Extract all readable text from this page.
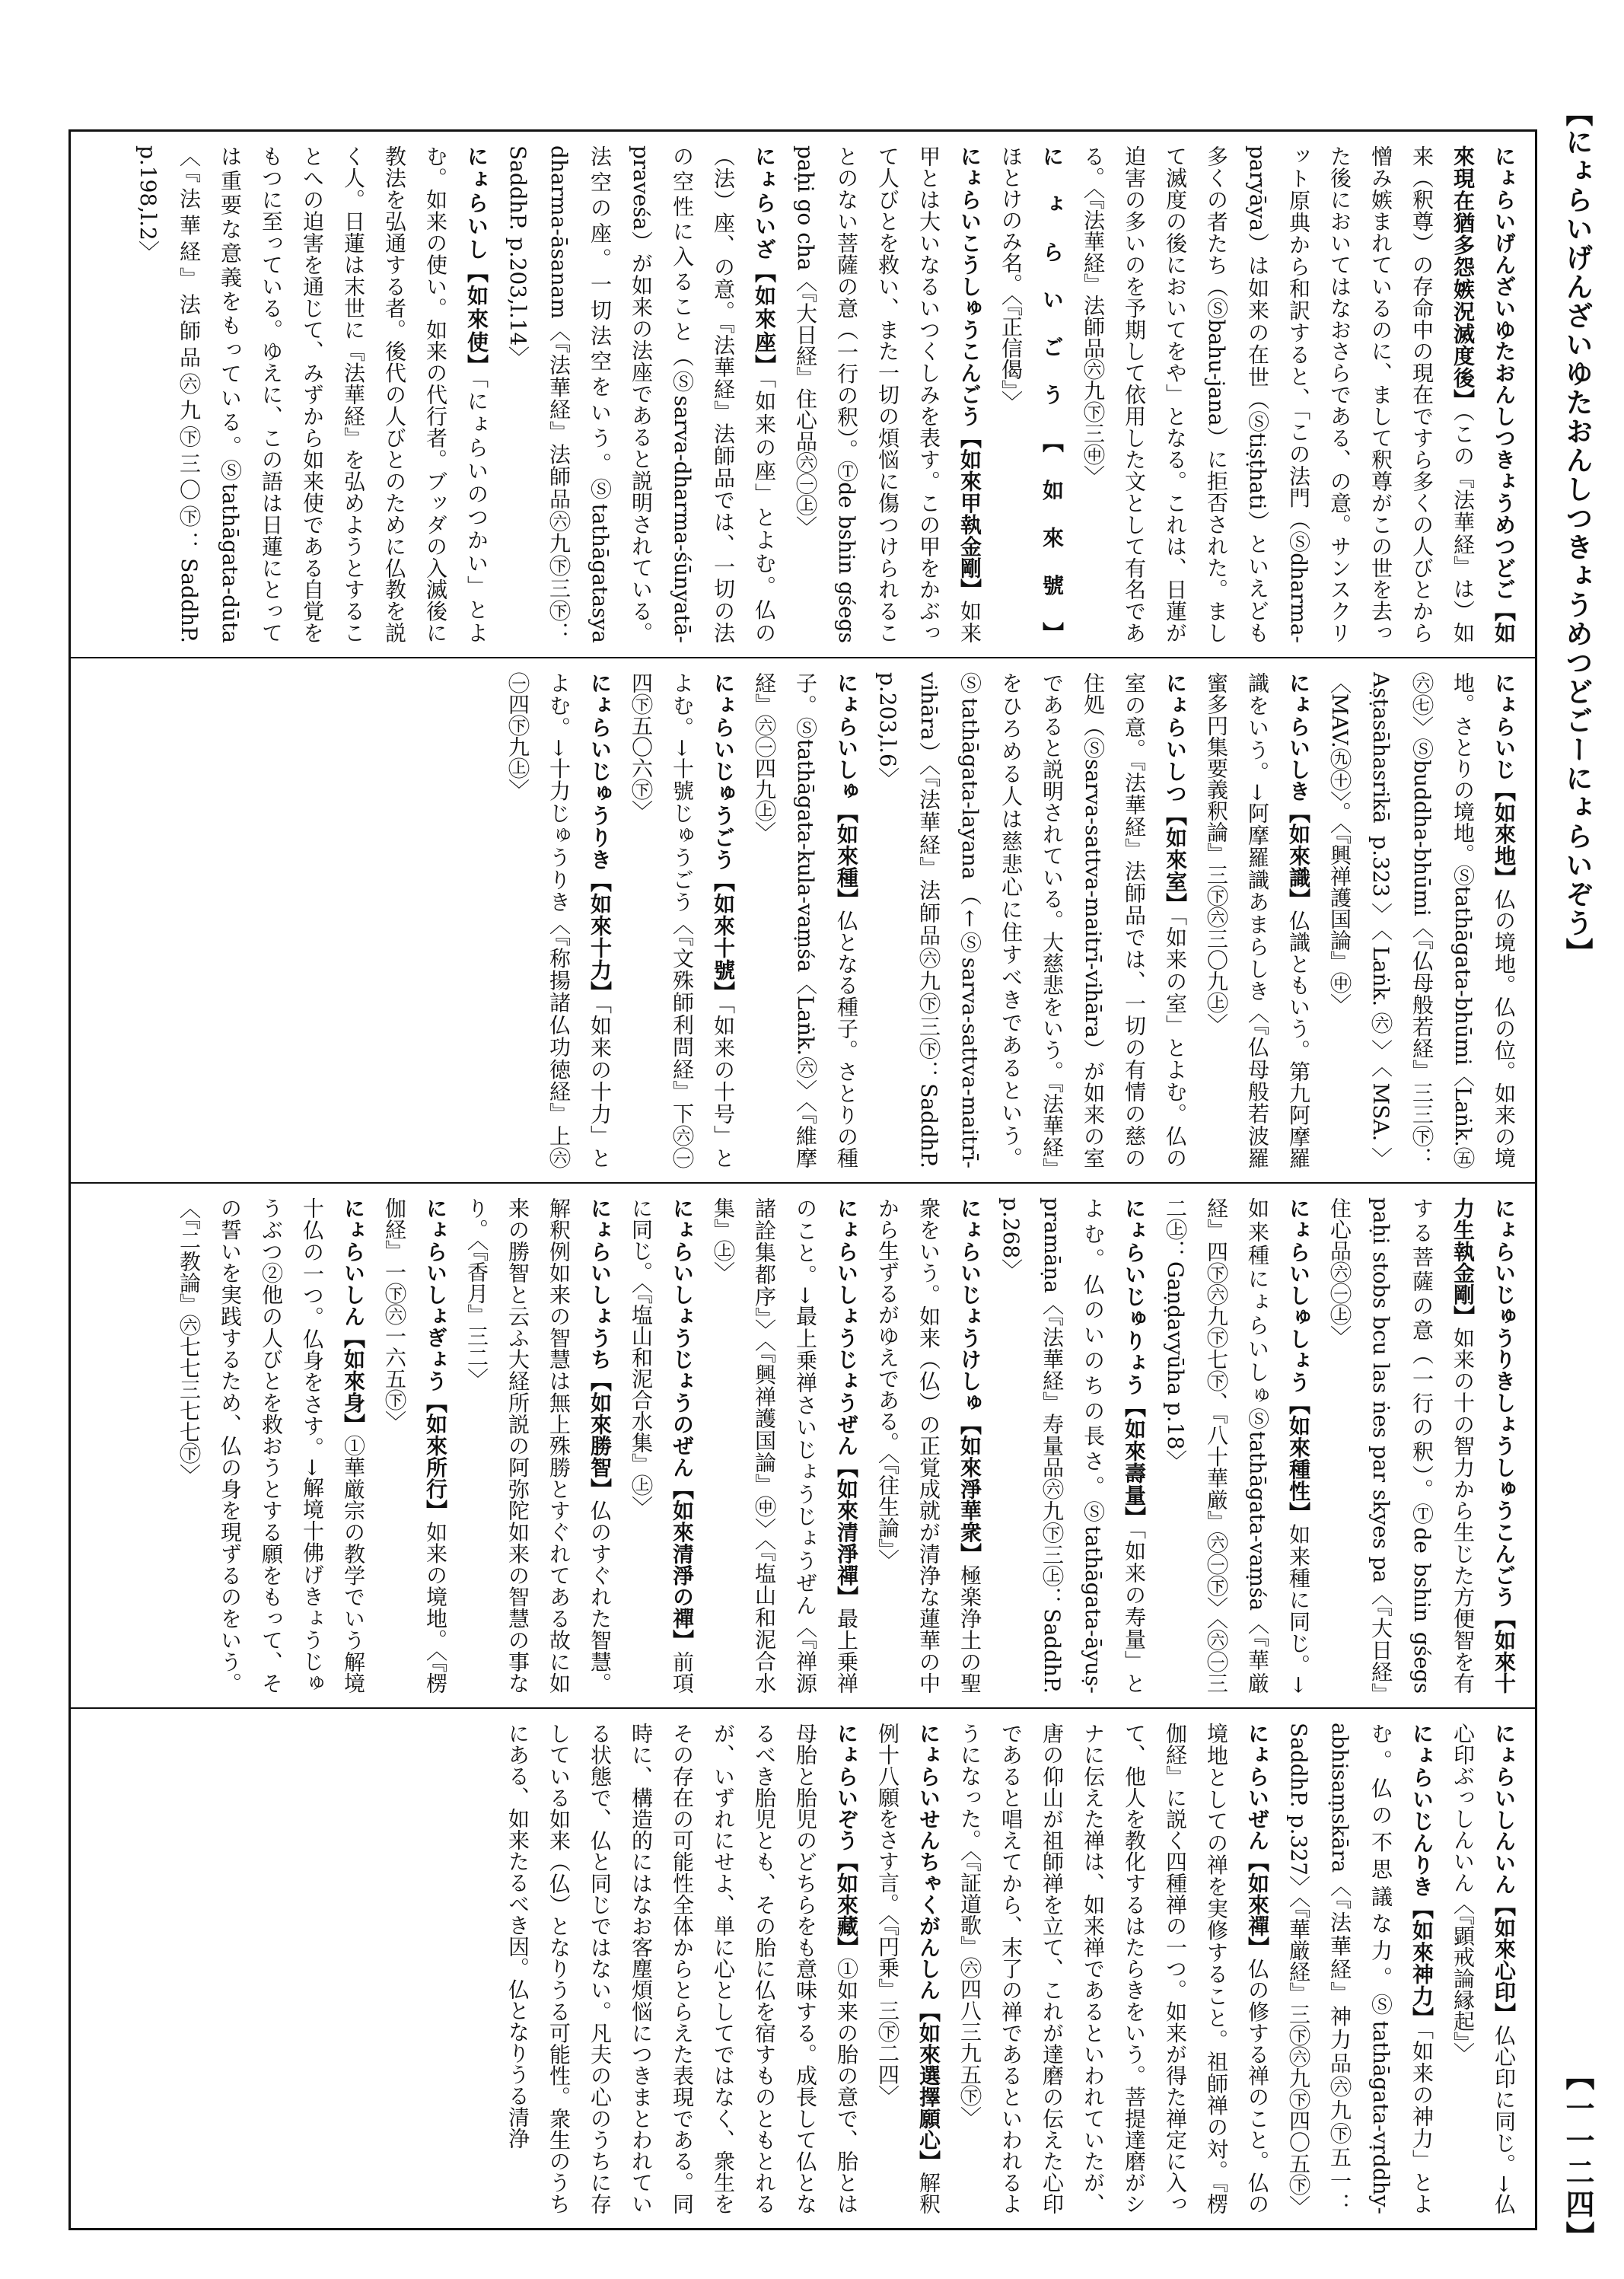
【にょらいげんざいゆたおんしつきょうめつどごーにょらいぞう】
【一一二四】
にょらいげんざいゆたおんしつきょうめつどご【如來現在猶多怨嫉況滅度後】（この『法華経』は）如来（釈尊）の存命中の現在ですら多くの人びとから憎み嫉まれているのに、まして釈尊がこの世を去った後においてはなおさらである、の意。サンスクリット原典から和訳すると、「この法門（Ⓢdharma-paryāya）は如来の在世（Ⓢtiṣṭhati）といえども多くの者たち（Ⓢbahu-jana）に拒否された。まして滅度の後においてをや」となる。これは、日蓮が迫害の多いのを予期して依用した文として有名である。〈『法華経』法師品㊅九㊦三㊥〉
にょらいごう【如來號】ほとけのみ名。〈『正信偈』〉
にょらいこうしゅうこんごう【如來甲執金剛】如来甲とは大いなるいつくしみを表す。この甲をかぶって人びとを救い、また一切の煩悩に傷つけられることのない菩薩の意（一行の釈）。Ⓣde bshin gśegs paḥi go cha〈『大日経』住心品㊅㊀㊤〉
にょらいざ【如來座】「如来の座」とよむ。仏の（法）座、の意。『法華経』法師品では、一切の法の空性に入ること（Ⓢsarva-dharma-śūnyatā-praveśa）が如来の法座であると説明されている。法空の座。一切法空をいう。Ⓢtathāgatasya dharma-āsanam〈『法華経』法師品㊅九㊦三㊦：SaddhP. p.203,l.14〉
にょらいし【如來使】「にょらいのつかい」とよむ。如来の使い。如来の代行者。ブッダの入滅後に教法を弘通する者。後代の人びとのために仏教を説く人。日蓮は末世に『法華経』を弘めようとすることへの迫害を通じて、みずから如来使である自覚をもつに至っている。ゆえに、この語は日蓮にとっては重要な意義をもっている。Ⓢtathāgata-dūta〈『法華経』法師品㊅九㊦三〇㊦：SaddhP. p.198,l.2〉
にょらいじ【如來地】仏の境地。仏の位。如来の境地。さとりの境地。Ⓢtathāgata-bhūmi〈Laṅk.㊄㊅㊆〉Ⓢbuddha-bhūmi〈『仏母般若経』三三㊦：Aṣṭasāhasrikā p.323〉〈Laṅk.㊅〉〈MSA.〉〈MAV.㊈㊉〉。〈『興禅護国論』㊥〉
にょらいしき【如來識】仏識ともいう。第九阿摩羅識をいう。→阿摩羅識あまらしき〈『仏母般若波羅蜜多円集要義釈論』三㊦㊅三〇九㊤〉
にょらいしつ【如來室】「如来の室」とよむ。仏の室の意。『法華経』法師品では、一切の有情の慈の住処（Ⓢsarva-sattva-maitrī-vihāra）が如来の室であると説明されている。大慈悲をいう。『法華経』をひろめる人は慈悲心に住すべきであるという。Ⓢtathāgata-layana（←Ⓢsarva-sattva-maitrī-vihāra）〈『法華経』法師品㊅九㊦三㊦：SaddhP. p.203,l.6〉
にょらいしゅ【如來種】仏となる種子。さとりの種子。Ⓢtathāgata-kula-vaṃśa〈Laṅk.㊅〉〈『維摩経』㊅㊀四九㊤〉
にょらいじゅうごう【如來十號】「如来の十号」とよむ。→十號じゅうごう〈『文殊師利問経』下㊅㊀四㊦五〇六㊦〉
にょらいじゅうりき【如來十力】「如来の十力」とよむ。→十力じゅうりき〈『称揚諸仏功徳経』上㊅㊀四㊦九㊤〉
にょらいじゅうりきしょうしゅうこんごう【如來十力生執金剛】如来の十の智力から生じた方便智を有する菩薩の意（一行の釈）。Ⓣde bshin gśegs paḥi stobs bcu las ṅes par skyes pa〈『大日経』住心品㊅㊀㊤〉
にょらいしゅしょう【如來種性】如来種に同じ。→如来種にょらいしゅⓈtathāgata-vaṃśa〈『華厳経』四㊦㊅九㊦七㊦、『八十華厳』㊅㊀㊦〉〈㊅㊀三二㊤：Gaṇḍavyūha p.18〉
にょらいじゅりょう【如來壽量】「如来の寿量」とよむ。仏のいのちの長さ。Ⓢtathāgata-āyuṣ-pramāṇa〈『法華経』寿量品㊅九㊦三㊤：SaddhP. p.268〉
にょらいじょうけしゅ【如來淨華衆】極楽浄土の聖衆をいう。如来（仏）の正覚成就が清浄な蓮華の中から生ずるがゆえである。〈『往生論』〉
にょらいしょうじょうぜん【如來清淨禪】最上乗禅のこと。→最上乗禅さいじょうじょうぜん〈『禅源諸詮集都序』〉〈『興禅護国論』㊥〉〈『塩山和泥合水集』㊤〉
にょらいしょうじょうのぜん【如來清淨の禪】前項に同じ。〈『塩山和泥合水集』㊤〉
にょらいしょうち【如來勝智】仏のすぐれた智慧。解釈例如来の智慧は無上殊勝とすぐれてある故に如来の勝智と云ふ大経所説の阿弥陀如来の智慧の事なり。〈『香月』三二〉
にょらいしょぎょう【如來所行】如来の境地。〈『楞伽経』一㊦㊅一六五㊦〉
にょらいしん【如來身】①華厳宗の教学でいう解境十仏の一つ。仏身をさす。→解境十佛げきょうじゅうぶつ②他の人びとを救おうとする願をもって、その誓いを実践するため、仏の身を現ずるのをいう。〈『二教論』㊅七七三七七㊦〉
にょらいしんいん【如來心印】仏心印に同じ。→仏心印ぶっしんいん〈『顕戒論縁起』〉
にょらいじんりき【如來神力】「如来の神力」とよむ。仏の不思議な力。Ⓢtathāgata-vṛddhy-abhisaṃskāra〈『法華経』神力品㊅九㊦五一：SaddhP. p.327〉〈『華厳経』三㊦㊅九㊦四〇五㊦〉
にょらいぜん【如來禪】仏の修する禅のこと。仏の境地としての禅を実修すること。祖師禅の対。『楞伽経』に説く四種禅の一つ。如来が得た禅定に入って、他人を教化するはたらきをいう。菩提達磨がシナに伝えた禅は、如来禅であるといわれていたが、唐の仰山が祖師禅を立て、これが達磨の伝えた心印であると唱えてから、末了の禅であるといわれるようになった。〈『証道歌』㊅四八三九五㊦〉
にょらいせんちゃくがんしん【如來選擇願心】解釈例十八願をさす言。〈『円乗』三㊦二四〉
にょらいぞう【如來藏】①如来の胎の意で、胎とは母胎と胎児のどちらをも意味する。成長して仏となるべき胎児とも、その胎に仏を宿すものともとれるが、いずれにせよ、単に心としてではなく、衆生をその存在の可能性全体からとらえた表現である。同時に、構造的にはなお客塵煩悩につきまとわれている状態で、仏と同じではない。凡夫の心のうちに存している如来（仏）となりうる可能性。衆生のうちにある、如来たるべき因。仏となりうる清浄
